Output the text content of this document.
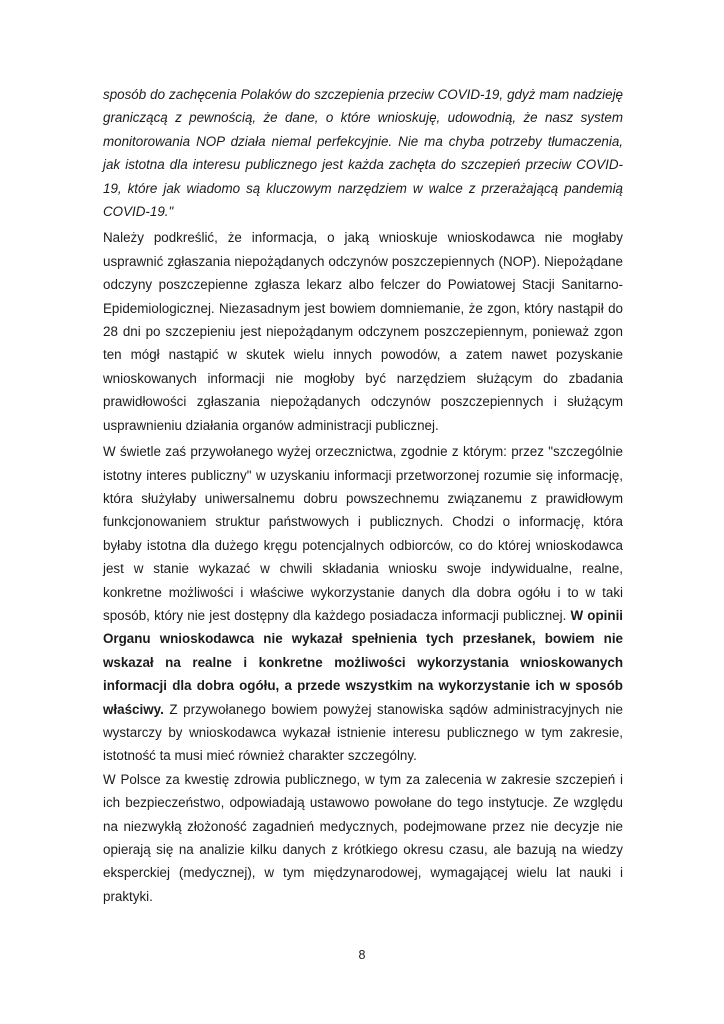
sposób do zachęcenia Polaków do szczepienia przeciw COVID-19, gdyż mam nadzieję graniczącą z pewnością, że dane, o które wnioskuję, udowodnią, że nasz system monitorowania NOP działa niemal perfekcyjnie. Nie ma chyba potrzeby tłumaczenia, jak istotna dla interesu publicznego jest każda zachęta do szczepień przeciw COVID-19, które jak wiadomo są kluczowym narzędziem w walce z przerażającą pandemią COVID-19."

Należy podkreślić, że informacja, o jaką wnioskuje wnioskodawca nie mogłaby usprawnić zgłaszania niepożądanych odczynów poszczepiennych (NOP). Niepożądane odczyny poszczepienne zgłasza lekarz albo felczer do Powiatowej Stacji Sanitarno-Epidemiologicznej. Niezasadnym jest bowiem domniemanie, że zgon, który nastąpił do 28 dni po szczepieniu jest niepożądanym odczynem poszczepiennym, ponieważ zgon ten mógł nastąpić w skutek wielu innych powodów, a zatem nawet pozyskanie wnioskowanych informacji nie mogłoby być narzędziem służącym do zbadania prawidłowości zgłaszania niepożądanych odczynów poszczepiennych i służącym usprawnieniu działania organów administracji publicznej.

W świetle zaś przywołanego wyżej orzecznictwa, zgodnie z którym: przez "szczególnie istotny interes publiczny" w uzyskaniu informacji przetworzonej rozumie się informację, która służyłaby uniwersalnemu dobru powszechnemu związanemu z prawidłowym funkcjonowaniem struktur państwowych i publicznych. Chodzi o informację, która byłaby istotna dla dużego kręgu potencjalnych odbiorców, co do której wnioskodawca jest w stanie wykazać w chwili składania wniosku swoje indywidualne, realne, konkretne możliwości i właściwe wykorzystanie danych dla dobra ogółu i to w taki sposób, który nie jest dostępny dla każdego posiadacza informacji publicznej. W opinii Organu wnioskodawca nie wykazał spełnienia tych przesłanek, bowiem nie wskazał na realne i konkretne możliwości wykorzystania wnioskowanych informacji dla dobra ogółu, a przede wszystkim na wykorzystanie ich w sposób właściwy. Z przywołanego bowiem powyżej stanowiska sądów administracyjnych nie wystarczy by wnioskodawca wykazał istnienie interesu publicznego w tym zakresie, istotność ta musi mieć również charakter szczególny.

W Polsce za kwestię zdrowia publicznego, w tym za zalecenia w zakresie szczepień i ich bezpieczeństwo, odpowiadają ustawowo powołane do tego instytucje. Ze względu na niezwykłą złożoność zagadnień medycznych, podejmowane przez nie decyzje nie opierają się na analizie kilku danych z krótkiego okresu czasu, ale bazują na wiedzy eksperckiej (medycznej), w tym międzynarodowej, wymagającej wielu lat nauki i praktyki.

8
